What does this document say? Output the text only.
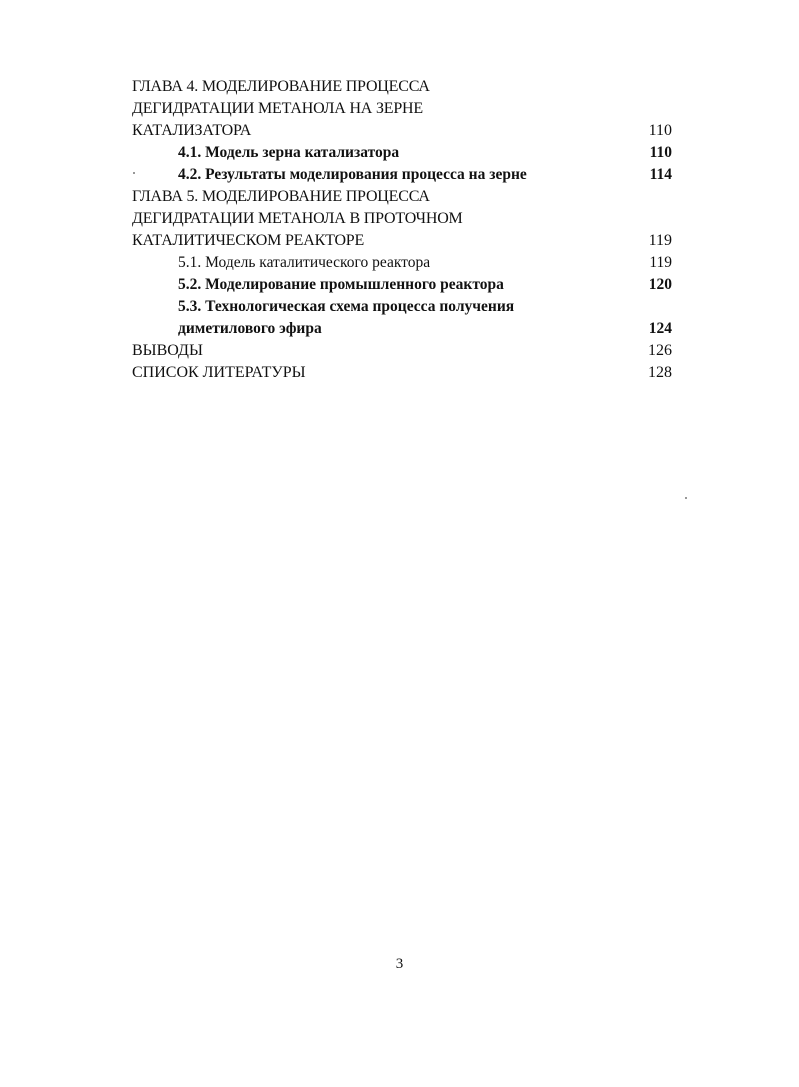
ГЛАВА 4. МОДЕЛИРОВАНИЕ ПРОЦЕССА
ДЕГИДРАТАЦИИ МЕТАНОЛА НА ЗЕРНЕ
КАТАЛИЗАТОРА	110
4.1. Модель зерна катализатора	110
4.2. Результаты моделирования процесса на зерне	114
ГЛАВА 5. МОДЕЛИРОВАНИЕ ПРОЦЕССА
ДЕГИДРАТАЦИИ МЕТАНОЛА В ПРОТОЧНОМ
КАТАЛИТИЧЕСКОМ РЕАКТОРЕ	119
5.1. Модель каталитического реактора	119
5.2. Моделирование промышленного реактора	120
5.3. Технологическая схема процесса получения
диметилового эфира	124
ВЫВОДЫ	126
СПИСОК ЛИТЕРАТУРЫ	128
3
